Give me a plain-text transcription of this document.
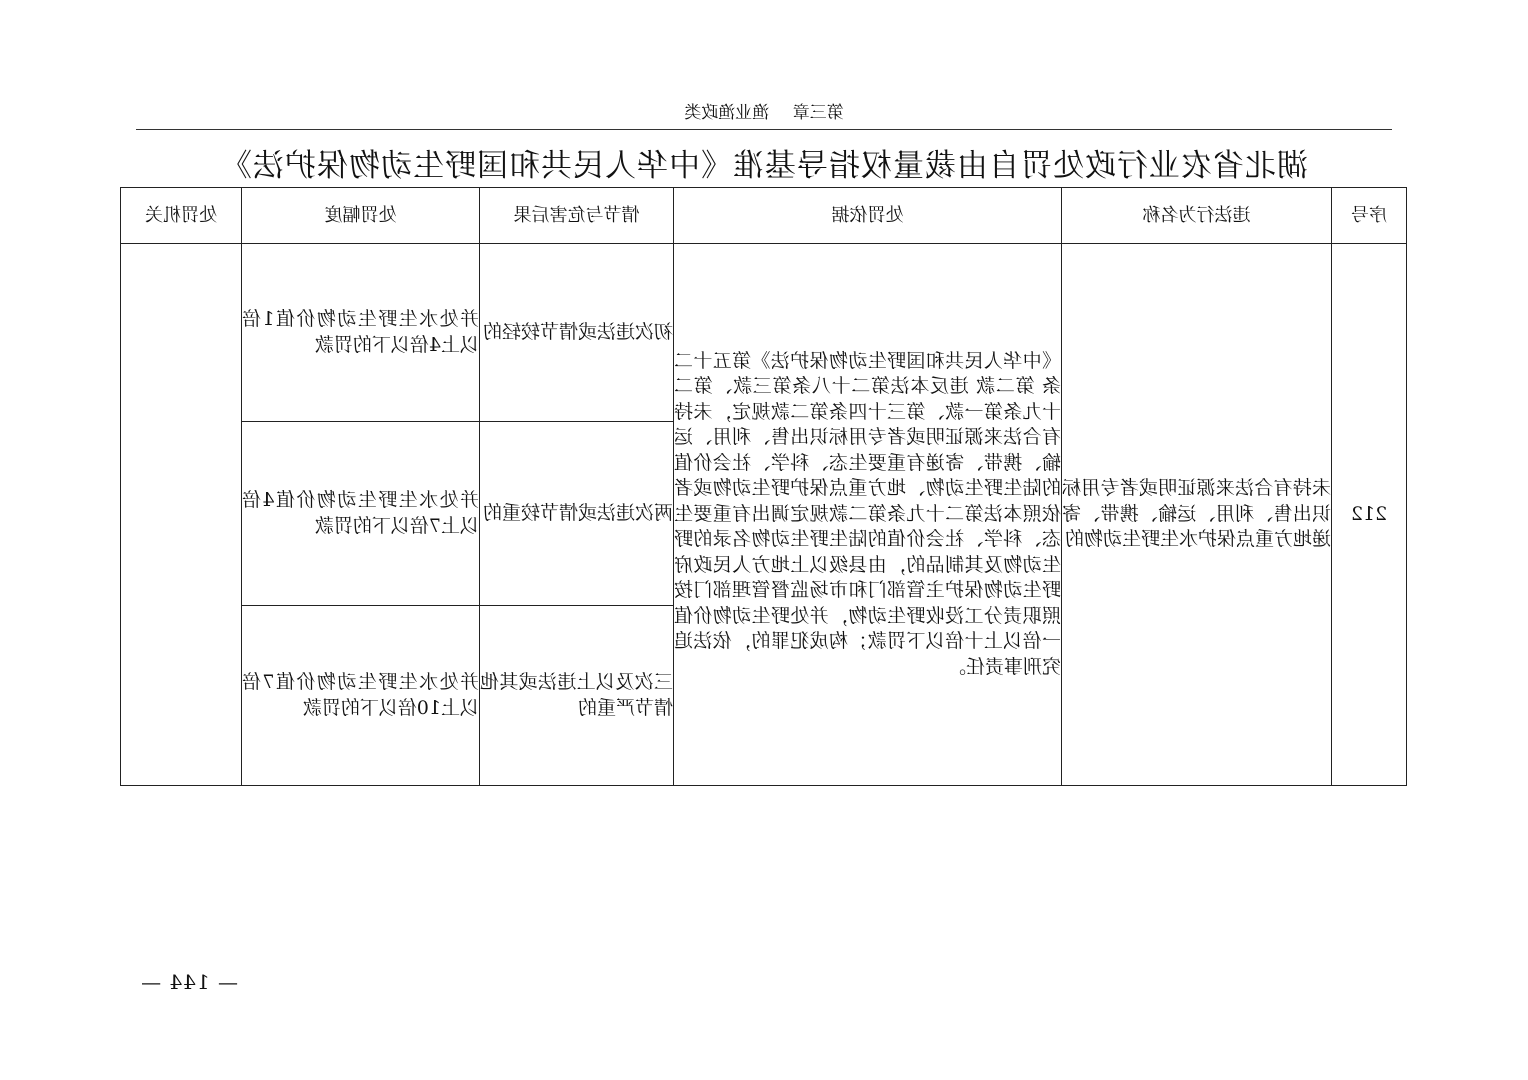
第三章 渔业渔政类
湖北省农业行政处罚自由裁量权指导基准《中华人民共和国野生动物保护法》
序号	违法行为名称	处罚依据	情节与危害后果	处罚幅度	处罚机关
212	未持有合法来源证明或者专用标识出售、利用、运输、携带、寄递地方重点保护水生野生动物的	《中华人民共和国野生动物保护法》第五十二条 第二款 违反本法第二十八条第三款、第二十九条第一款、第三十四条第二款规定，未持有合法来源证明或者专用标识出售、利用、运输、携带、寄递有重要生态、科学、社会价值的陆生野生动物、地方重点保护野生动物或者依照本法第二十九条第二款规定调出有重要生态、科学、社会价值的陆生野生动物名录的野生动物及其制品的，由县级以上地方人民政府野生动物保护主管部门和市场监督管理部门按照职责分工没收野生动物，并处野生动物价值一倍以上十倍以下罚款；构成犯罪的，依法追究刑事责任。	初次违法或情节较轻的	并处水生野生动物价值1倍以上4倍以下的罚款	
			两次违法或情节较重的	并处水生野生动物价值4倍以上7倍以下的罚款	
			三次及以上违法或其他情节严重的	并处水生野生动物价值7倍以上10倍以下的罚款	
— 144 —
